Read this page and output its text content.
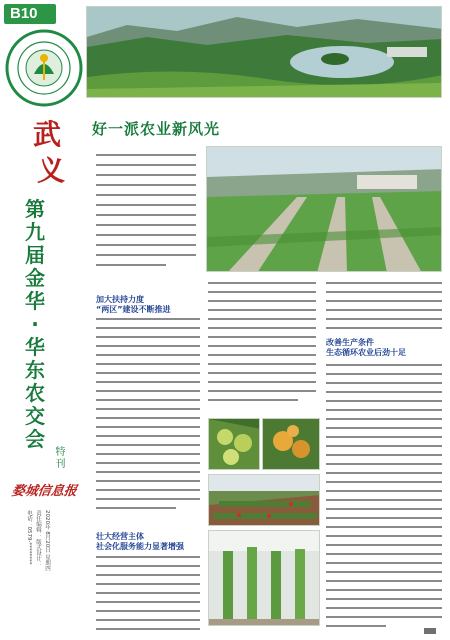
B10
武
义
第
九
届
金
华
·
华
东
农
交
会
特刊
婺城信息报
2020年 8月20日 星期四
责任编辑： 版式设计：
电话：0579-********
好一派农业新风光
加大扶持力度
“两区”建设不断推进
壮大经营主体
社会化服务能力显著增强
改善生产条件
生态循环农业后劲十足
